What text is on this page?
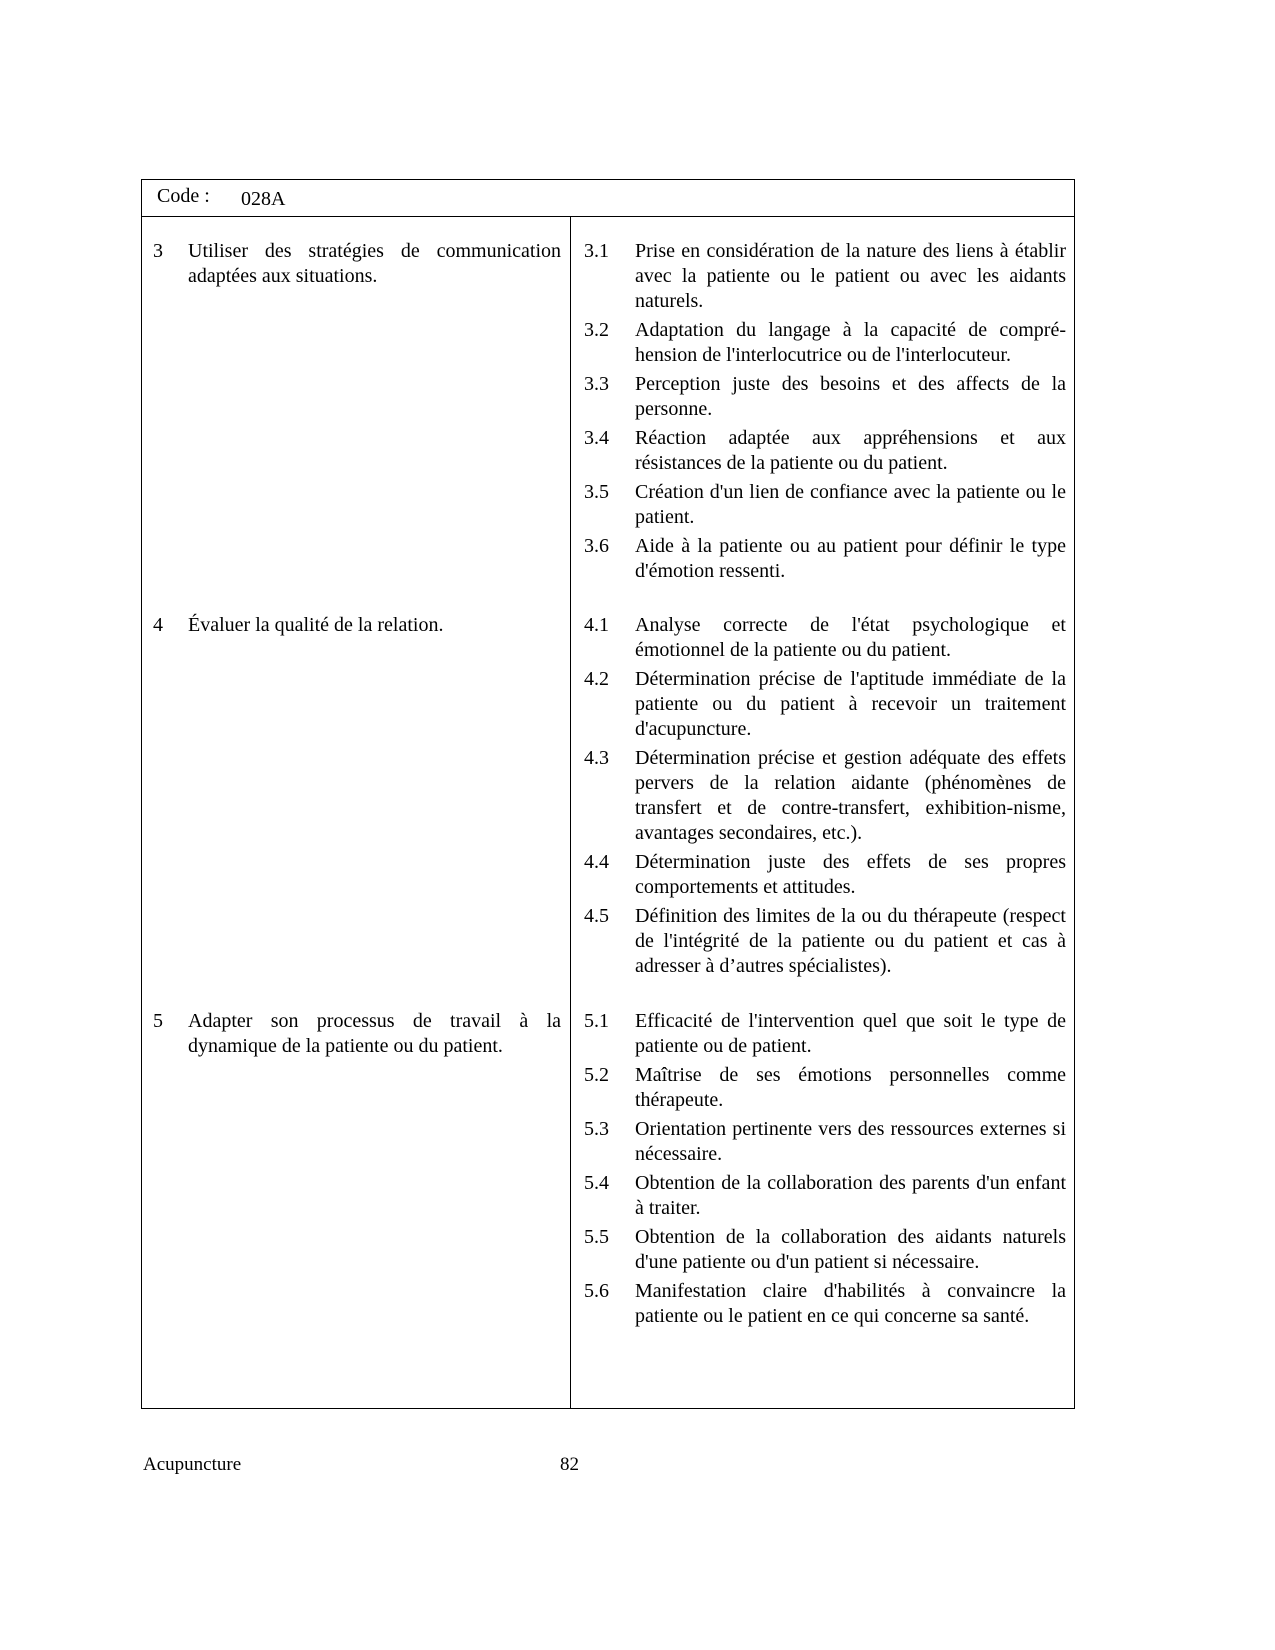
Code : 028A
3 Utiliser des stratégies de communication adaptées aux situations.
3.1 Prise en considération de la nature des liens à établir avec la patiente ou le patient ou avec les aidants naturels.
3.2 Adaptation du langage à la capacité de compré-hension de l'interlocutrice ou de l'interlocuteur.
3.3 Perception juste des besoins et des affects de la personne.
3.4 Réaction adaptée aux appréhensions et aux résistances de la patiente ou du patient.
3.5 Création d'un lien de confiance avec la patiente ou le patient.
3.6 Aide à la patiente ou au patient pour définir le type d'émotion ressenti.
4 Évaluer la qualité de la relation.	4.1 Analyse correcte de l'état psychologique et émotionnel de la patiente ou du patient.
4.2 Détermination précise de l'aptitude immédiate de la patiente ou du patient à recevoir un traitement d'acupuncture.
4.3 Détermination précise et gestion adéquate des effets pervers de la relation aidante (phénomènes de transfert et de contre-transfert, exhibition-nisme, avantages secondaires, etc.).
4.4 Détermination juste des effets de ses propres comportements et attitudes.
4.5 Définition des limites de la ou du thérapeute (respect de l'intégrité de la patiente ou du patient et cas à adresser à d’autres spécialistes).
5 Adapter son processus de travail à la dynamique de la patiente ou du patient.
5.1 Efficacité de l'intervention quel que soit le type de patiente ou de patient.
5.2 Maîtrise de ses émotions personnelles comme thérapeute.
5.3 Orientation pertinente vers des ressources externes si nécessaire.
5.4 Obtention de la collaboration des parents d'un enfant à traiter.
5.5 Obtention de la collaboration des aidants naturels d'une patiente ou d'un patient si nécessaire.
5.6 Manifestation claire d'habilités à convaincre la patiente ou le patient en ce qui concerne sa santé.
Acupuncture	82
